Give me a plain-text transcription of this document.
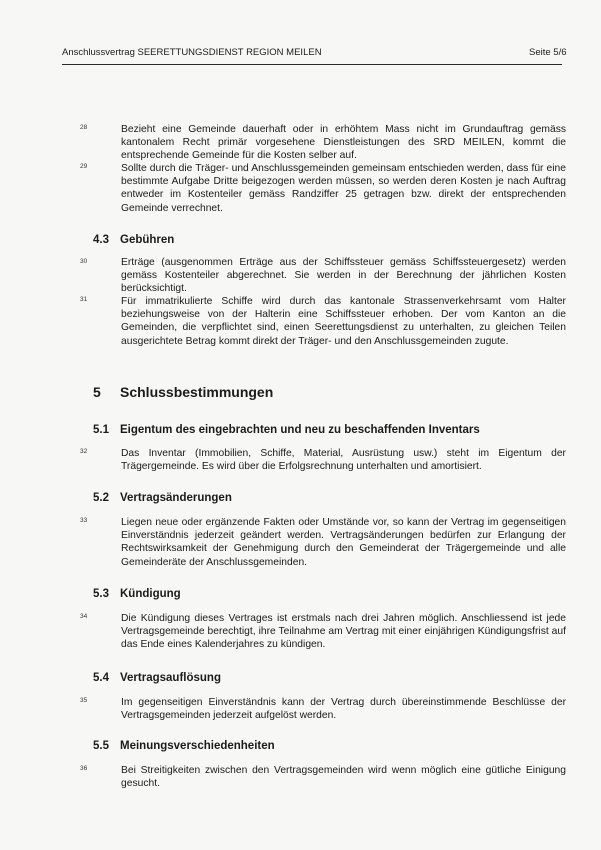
Anschlussvertrag SEERETTUNGSDIENST REGION MEILEN	Seite 5/6
28	Bezieht eine Gemeinde dauerhaft oder in erhöhtem Mass nicht im Grundauftrag gemäss kantonalem Recht primär vorgesehene Dienstleistungen des SRD MEILEN, kommt die entsprechende Gemeinde für die Kosten selber auf.
29	Sollte durch die Träger- und Anschlussgemeinden gemeinsam entschieden werden, dass für eine bestimmte Aufgabe Dritte beigezogen werden müssen, so werden deren Kosten je nach Auftrag entweder im Kostenteiler gemäss Randziffer 25 getragen bzw. direkt der entsprechenden Gemeinde verrechnet.
4.3 Gebühren
30	Erträge (ausgenommen Erträge aus der Schiffssteuer gemäss Schiffssteuergesetz) werden gemäss Kostenteiler abgerechnet. Sie werden in der Berechnung der jährlichen Kosten berücksichtigt.
31	Für immatrikulierte Schiffe wird durch das kantonale Strassenverkehrsamt vom Halter beziehungsweise von der Halterin eine Schiffssteuer erhoben. Der vom Kanton an die Gemeinden, die verpflichtet sind, einen Seerettungsdienst zu unterhalten, zu gleichen Teilen ausgerichtete Betrag kommt direkt der Träger- und den Anschlussgemeinden zugute.
5 Schlussbestimmungen
5.1 Eigentum des eingebrachten und neu zu beschaffenden Inventars
32	Das Inventar (Immobilien, Schiffe, Material, Ausrüstung usw.) steht im Eigentum der Trägergemeinde. Es wird über die Erfolgsrechnung unterhalten und amortisiert.
5.2 Vertragsänderungen
33	Liegen neue oder ergänzende Fakten oder Umstände vor, so kann der Vertrag im gegenseitigen Einverständnis jederzeit geändert werden. Vertragsänderungen bedürfen zur Erlangung der Rechtswirksamkeit der Genehmigung durch den Gemeinderat der Trägergemeinde und alle Gemeinderäte der Anschlussgemeinden.
5.3 Kündigung
34	Die Kündigung dieses Vertrages ist erstmals nach drei Jahren möglich. Anschliessend ist jede Vertragsgemeinde berechtigt, ihre Teilnahme am Vertrag mit einer einjährigen Kündigungsfrist auf das Ende eines Kalenderjahres zu kündigen.
5.4 Vertragsauflösung
35	Im gegenseitigen Einverständnis kann der Vertrag durch übereinstimmende Beschlüsse der Vertragsgemeinden jederzeit aufgelöst werden.
5.5 Meinungsverschiedenheiten
36	Bei Streitigkeiten zwischen den Vertragsgemeinden wird wenn möglich eine gütliche Einigung gesucht.
